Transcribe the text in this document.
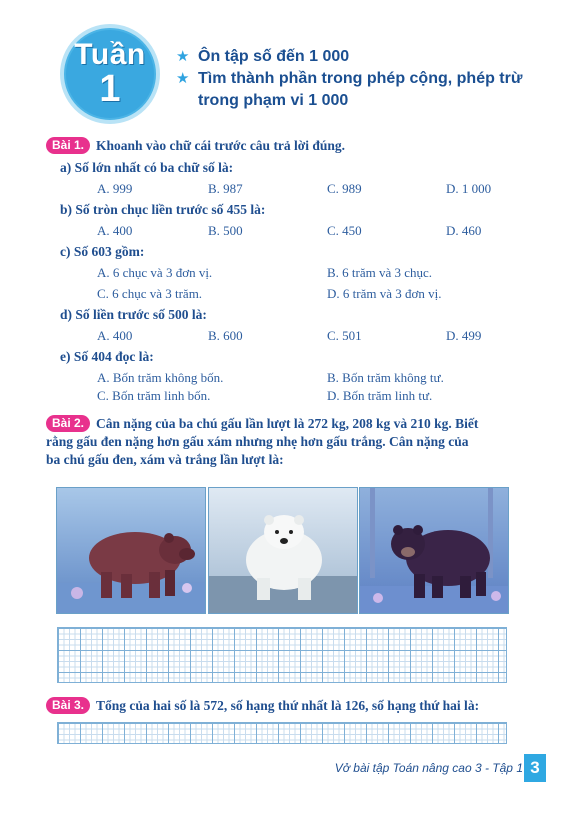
Tuần
1
★ Ôn tập số đến 1 000
★ Tìm thành phần trong phép cộng, phép trừ
trong phạm vi 1 000
Bài 1. Khoanh vào chữ cái trước câu trả lời đúng.
a) Số lớn nhất có ba chữ số là:
A. 999	B. 987	C. 989	D. 1 000
b) Số tròn chục liền trước số 455 là:
A. 400	B. 500	C. 450	D. 460
c) Số 603 gồm:
A. 6 chục và 3 đơn vị.	B. 6 trăm và 3 chục.
C. 6 chục và 3 trăm.	D. 6 trăm và 3 đơn vị.
d) Số liền trước số 500 là:
A. 400	B. 600	C. 501	D. 499
e) Số 404 đọc là:
A. Bốn trăm không bốn.	B. Bốn trăm không tư.
C. Bốn trăm linh bốn.	D. Bốn trăm linh tư.
Bài 2. Cân nặng của ba chú gấu lần lượt là 272 kg, 208 kg và 210 kg. Biết
rằng gấu đen nặng hơn gấu xám nhưng nhẹ hơn gấu trắng. Cân nặng của
ba chú gấu đen, xám và trắng lần lượt là:
Bài 3. Tổng của hai số là 572, số hạng thứ nhất là 126, số hạng thứ hai là:
Vở bài tập Toán nâng cao 3 - Tập 1 3
